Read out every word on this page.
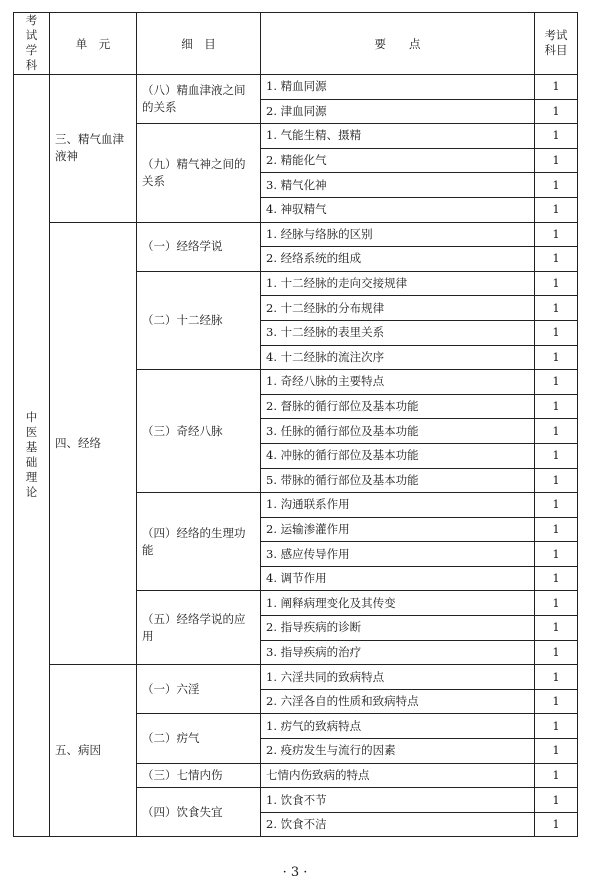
考试学科	单　元	细　目	要　　点	考试科目
中医基础理论	三、精气血津液神	（八）精血津液之间的关系	1. 精血同源	1
			2. 津血同源	1
		（九）精气神之间的关系	1. 气能生精、摄精	1
			2. 精能化气	1
			3. 精气化神	1
			4. 神驭精气	1
	四、经络	（一）经络学说	1. 经脉与络脉的区别	1
			2. 经络系统的组成	1
		（二）十二经脉	1. 十二经脉的走向交接规律	1
			2. 十二经脉的分布规律	1
			3. 十二经脉的表里关系	1
			4. 十二经脉的流注次序	1
		（三）奇经八脉	1. 奇经八脉的主要特点	1
			2. 督脉的循行部位及基本功能	1
			3. 任脉的循行部位及基本功能	1
			4. 冲脉的循行部位及基本功能	1
			5. 带脉的循行部位及基本功能	1
		（四）经络的生理功能	1. 沟通联系作用	1
			2. 运输渗灌作用	1
			3. 感应传导作用	1
			4. 调节作用	1
		（五）经络学说的应用	1. 阐释病理变化及其传变	1
			2. 指导疾病的诊断	1
			3. 指导疾病的治疗	1
	五、病因	（一）六淫	1. 六淫共同的致病特点	1
			2. 六淫各自的性质和致病特点	1
		（二）疠气	1. 疠气的致病特点	1
			2. 疫疠发生与流行的因素	1
		（三）七情内伤	七情内伤致病的特点	1
		（四）饮食失宜	1. 饮食不节	1
			2. 饮食不洁	1
· 3 ·
